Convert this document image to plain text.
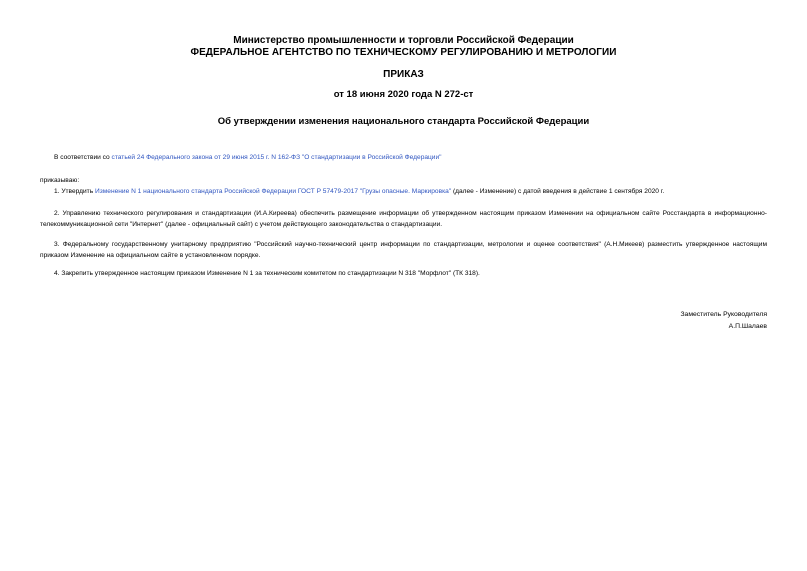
Министерство промышленности и торговли Российской Федерации
ФЕДЕРАЛЬНОЕ АГЕНТСТВО ПО ТЕХНИЧЕСКОМУ РЕГУЛИРОВАНИЮ И МЕТРОЛОГИИ
ПРИКАЗ
от 18 июня 2020 года N 272-ст
Об утверждении изменения национального стандарта Российской Федерации
В соответствии со статьей 24 Федерального закона от 29 июня 2015 г. N 162-ФЗ "О стандартизации в Российской Федерации"
приказываю:
1. Утвердить Изменение N 1 национального стандарта Российской Федерации ГОСТ Р 57479-2017 "Грузы опасные. Маркировка" (далее - Изменение) с датой введения в действие 1 сентября 2020 г.
2. Управлению технического регулирования и стандартизации (И.А.Киреева) обеспечить размещение информации об утвержденном настоящим приказом Изменении на официальном сайте Росстандарта в информационно-телекоммуникационной сети "Интернет" (далее - официальный сайт) с учетом действующего законодательства о стандартизации.
3. Федеральному государственному унитарному предприятию "Российский научно-технический центр информации по стандартизации, метрологии и оценке соответствия" (А.Н.Микеев) разместить утвержденное настоящим приказом Изменение на официальном сайте в установленном порядке.
4. Закрепить утвержденное настоящим приказом Изменение N 1 за техническим комитетом по стандартизации N 318 "Морфлот" (ТК 318).
Заместитель Руководителя
А.П.Шалаев
